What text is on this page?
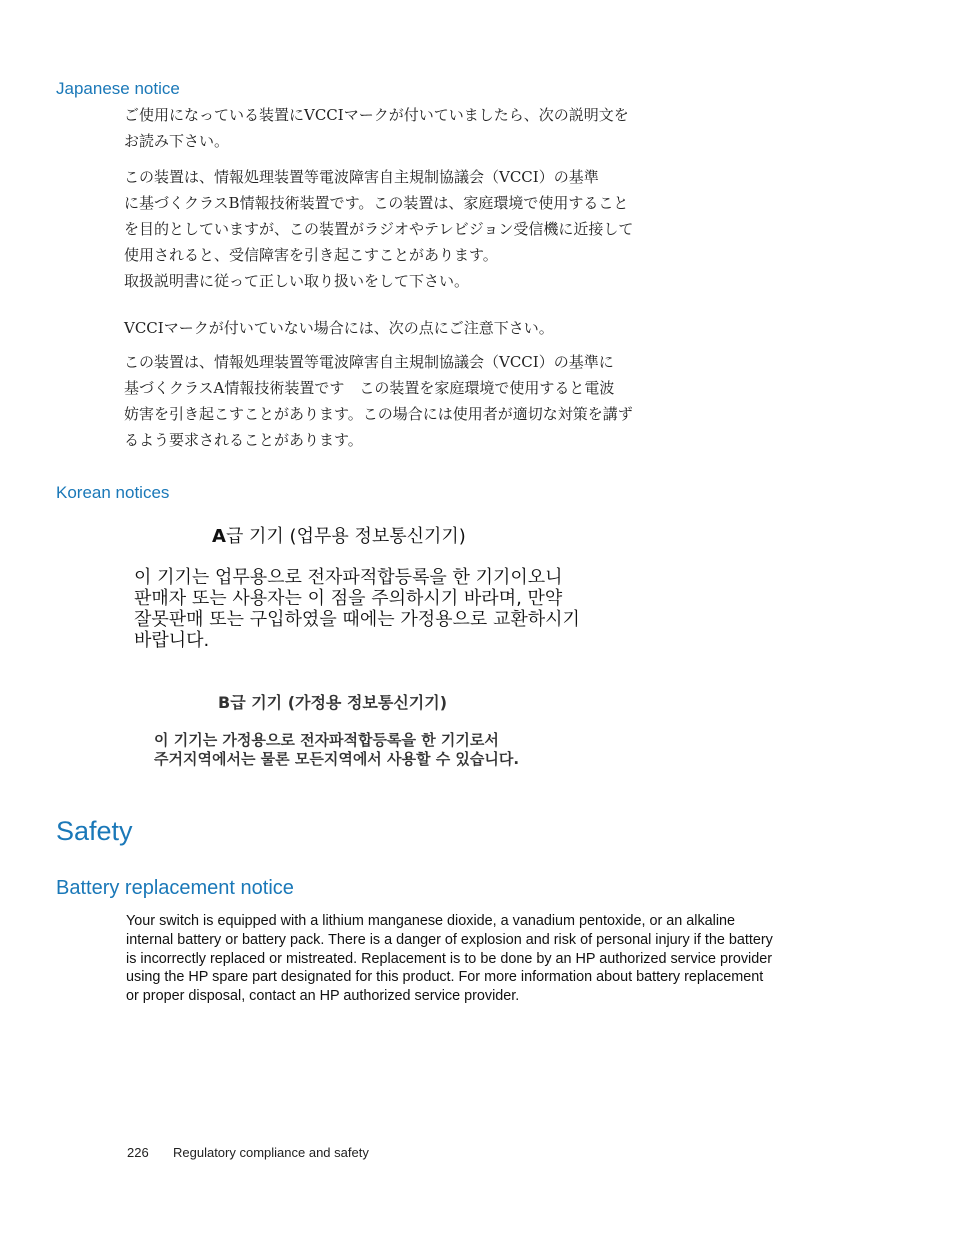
Japanese notice
ご使用になっている装置にVCCIマークが付いていましたら、次の説明文を
お読み下さい。
この装置は、情報処理装置等電波障害自主規制協議会（VCCI）の基準
に基づくクラスB情報技術装置です。この装置は、家庭環境で使用すること
を目的としていますが、この装置がラジオやテレビジョン受信機に近接して
使用されると、受信障害を引き起こすことがあります。
取扱説明書に従って正しい取り扱いをして下さい。
VCCIマークが付いていない場合には、次の点にご注意下さい。
この装置は、情報処理装置等電波障害自主規制協議会（VCCI）の基準に
基づくクラスA情報技術装置です　この装置を家庭環境で使用すると電波
妨害を引き起こすことがあります。この場合には使用者が適切な対策を講ず
るよう要求されることがあります。
Korean notices
A급 기기 (업무용 정보통신기기)
이 기기는 업무용으로 전자파적합등록을 한 기기이오니
판매자 또는 사용자는 이 점을 주의하시기 바라며, 만약
잘못판매 또는 구입하였을 때에는 가정용으로 교환하시기
바랍니다.
B급 기기 (가정용 정보통신기기)
이 기기는 가정용으로 전자파적합등록을 한 기기로서
주거지역에서는 물론 모든지역에서 사용할 수 있습니다.
Safety
Battery replacement notice
Your switch is equipped with a lithium manganese dioxide, a vanadium pentoxide, or an alkaline
internal battery or battery pack. There is a danger of explosion and risk of personal injury if the battery
is incorrectly replaced or mistreated. Replacement is to be done by an HP authorized service provider
using the HP spare part designated for this product. For more information about battery replacement
or proper disposal, contact an HP authorized service provider.
226 Regulatory compliance and safety
